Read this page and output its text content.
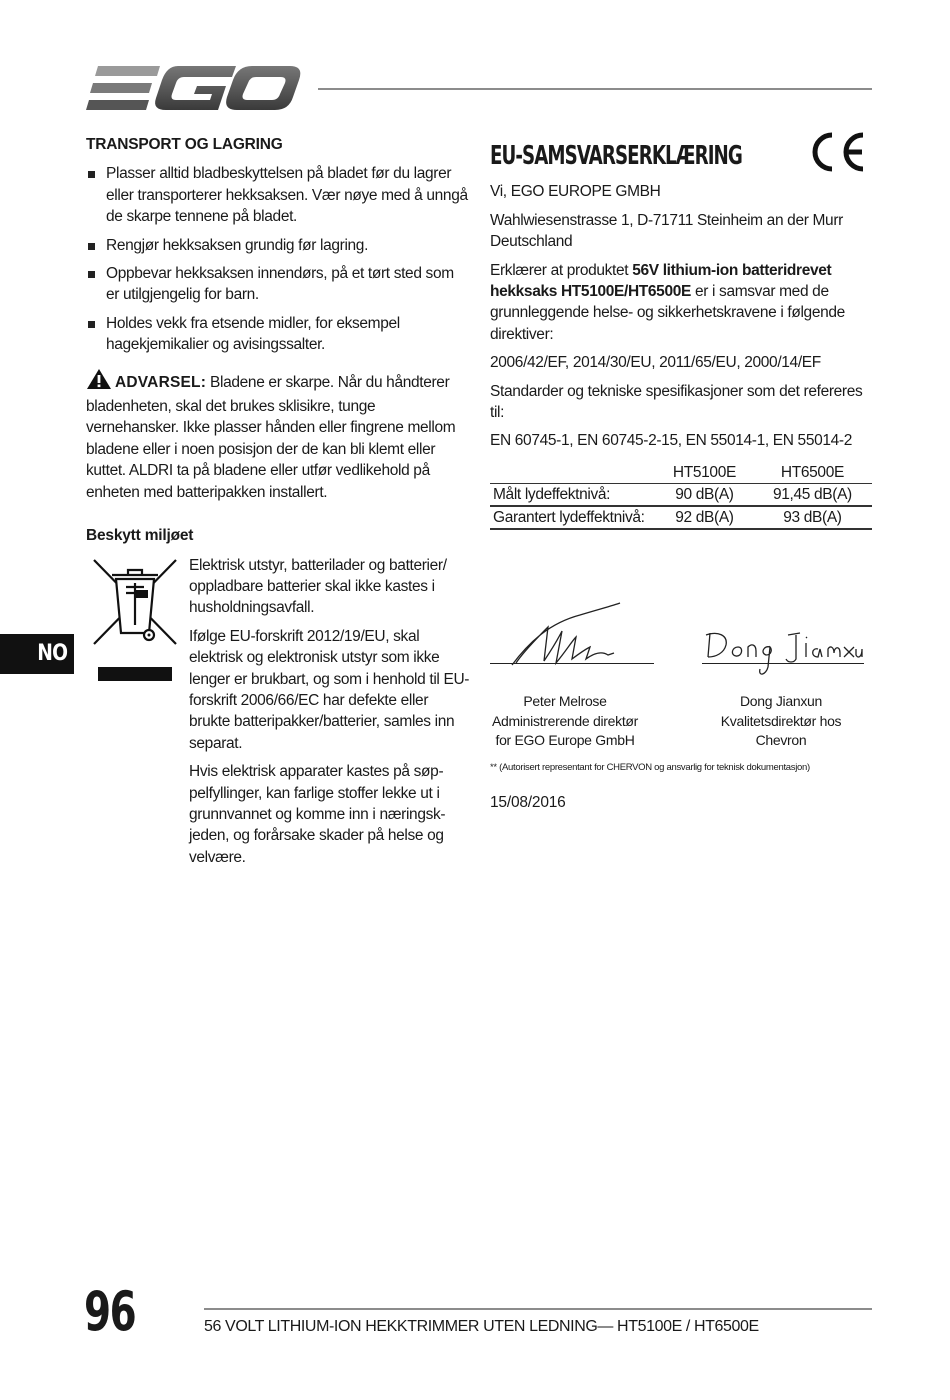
TRANSPORT OG LAGRING
Plasser alltid bladbeskyttelsen på bladet før du lagrer eller transporterer hekksaksen. Vær nøye med å unngå de skarpe tennene på bladet.
Rengjør hekksaksen grundig før lagring.
Oppbevar hekksaksen innendørs, på et tørt sted som er utilgjengelig for barn.
Holdes vekk fra etsende midler, for eksempel hagekjemikalier og avisingssalter.

ADVARSEL: Bladene er skarpe. Når du håndterer bladenheten, skal det brukes sklisikre, tunge vernehansker. Ikke plasser hånden eller fingrene mellom bladene eller i noen posisjon der de kan bli klemt eller kuttet. ALDRI ta på bladene eller utfør vedlikehold på enheten med batteripakken installert.

Beskytt miljøet

Elektrisk utstyr, batterilader og batterier/ oppladbare batterier skal ikke kastes i husholdningsavfall.

Ifølge EU-forskrift 2012/19/EU, skal elektrisk og elektronisk utstyr som ikke lenger er brukbart, og som i henhold til EU-forskrift 2006/66/EC har defekte eller brukte batteripakker/batterier, samles inn separat.

Hvis elektrisk apparater kastes på søp- pelfyllinger, kan farlige stoffer lekke ut i grunnvannet og komme inn i næringsk- jeden, og forårsake skader på helse og velvære.

EU-SAMSVARSERKLÆRING

Vi, EGO EUROPE GMBH

Wahlwiesenstrasse 1, D-71711 Steinheim an der Murr Deutschland

Erklærer at produktet 56V lithium-ion batteridrevet hekksaks HT5100E/HT6500E er i samsvar med de grunnleggende helse- og sikkerhetskravene i følgende direktiver:

2006/42/EF, 2014/30/EU, 2011/65/EU, 2000/14/EF

Standarder og tekniske spesifikasjoner som det refereres til:

EN 60745-1, EN 60745-2-15, EN 55014-1, EN 55014-2

	HT5100E	HT6500E
Målt lydeffektnivå:	90 dB(A)	91,45 dB(A)
Garantert lydeffektnivå:	92 dB(A)	93 dB(A)
Peter Melrose
Administrerende direktør
for EGO Europe GmbH
Dong Jianxun
Kvalitetsdirektør hos Chevron
** (Autorisert representant for CHERVON og ansvarlig for teknisk dokumentasjon)
15/08/2016
NO
96	56 VOLT LITHIUM-ION HEKKTRIMMER UTEN LEDNING— HT5100E / HT6500E
